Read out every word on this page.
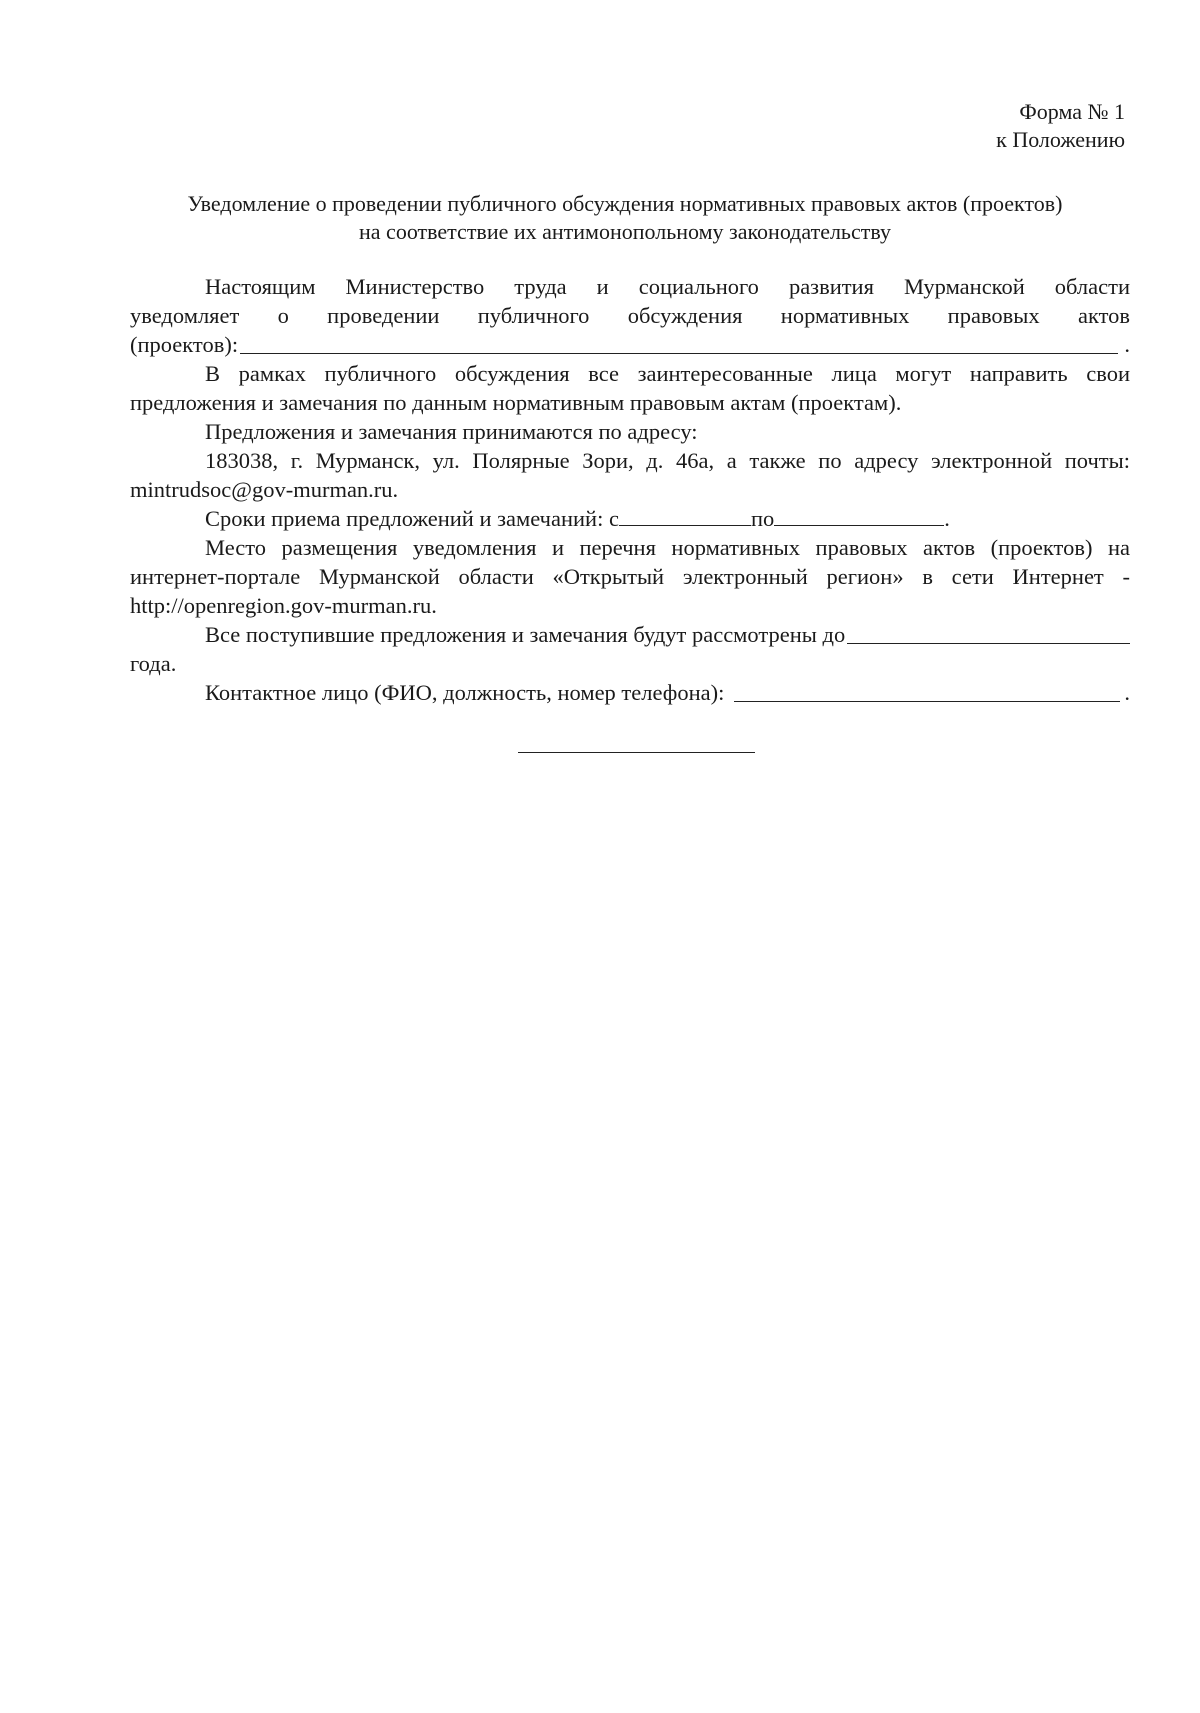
Форма № 1
к Положению
Уведомление о проведении публичного обсуждения нормативных правовых актов (проектов)
на соответствие их антимонопольному законодательству
Настоящим Министерство труда и социального развития Мурманской области
уведомляет о проведении публичного обсуждения нормативных правовых актов
(проектов):	.

В рамках публичного обсуждения все заинтересованные лица могут направить свои предложения и замечания по данным нормативным правовым актам (проектам).

Предложения и замечания принимаются по адресу:

183038, г. Мурманск, ул. Полярные Зори, д. 46а, а также по адресу электронной почты: mintrudsoc@gov-murman.ru.

Сроки приема предложений и замечаний: с	по	.

Место размещения уведомления и перечня нормативных правовых актов (проектов) на интернет-портале Мурманской области «Открытый электронный регион» в сети Интернет - http://openregion.gov-murman.ru.

Все поступившие предложения и замечания будут рассмотрены до
года.
Контактное лицо (ФИО, должность, номер телефона):	.
